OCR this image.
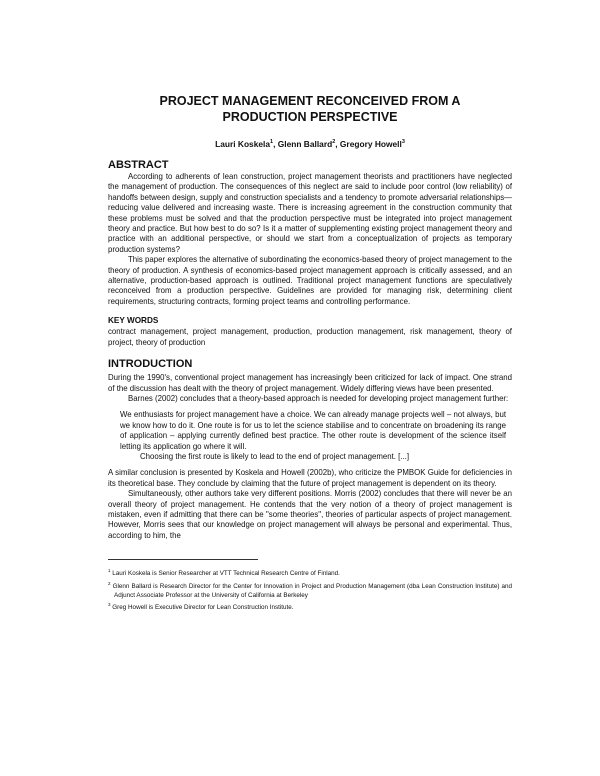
PROJECT MANAGEMENT RECONCEIVED FROM A
PRODUCTION PERSPECTIVE
Lauri Koskela$^1$, Glenn Ballard$^2$, Gregory Howell$^3$
ABSTRACT

According to adherents of lean construction, project management theorists and practitioners have neglected the management of production. The consequences of this neglect are said to include poor control (low reliability) of handoffs between design, supply and construction specialists and a tendency to promote adversarial relationships—reducing value delivered and increasing waste. There is increasing agreement in the construction community that these problems must be solved and that the production perspective must be integrated into project management theory and practice. But how best to do so? Is it a matter of supplementing existing project management theory and practice with an additional perspective, or should we start from a conceptualization of projects as temporary production systems?

This paper explores the alternative of subordinating the economics-based theory of project management to the theory of production. A synthesis of economics-based project management approach is critically assessed, and an alternative, production-based approach is outlined. Traditional project management functions are speculatively reconceived from a production perspective. Guidelines are provided for managing risk, determining client requirements, structuring contracts, forming project teams and controlling performance.

KEY WORDS

contract management, project management, production, production management, risk management, theory of project, theory of production

INTRODUCTION

During the 1990's, conventional project management has increasingly been criticized for lack of impact. One strand of the discussion has dealt with the theory of project management. Widely differing views have been presented.

Barnes (2002) concludes that a theory-based approach is needed for developing project management further:

We enthusiasts for project management have a choice. We can already manage projects well – not always, but we know how to do it. One route is for us to let the science stabilise and to concentrate on broadening its range of application – applying currently defined best practice. The other route is development of the science itself letting its application go where it will.

Choosing the first route is likely to lead to the end of project management. [...]

A similar conclusion is presented by Koskela and Howell (2002b), who criticize the PMBOK Guide for deficiencies in its theoretical base. They conclude by claiming that the future of project management is dependent on its theory.

Simultaneously, other authors take very different positions. Morris (2002) concludes that there will never be an overall theory of project management. He contends that the very notion of a theory of project management is mistaken, even if admitting that there can be "some theories", theories of particular aspects of project management. However, Morris sees that our knowledge on project management will always be personal and experimental. Thus, according to him, the

$^1$ Lauri Koskela is Senior Researcher at VTT Technical Research Centre of Finland.

$^2$ Glenn Ballard is Research Director for the Center for Innovation in Project and Production Management (dba Lean Construction Institute) and Adjunct Associate Professor at the University of California at Berkeley

$^3$ Greg Howell is Executive Director for Lean Construction Institute.
